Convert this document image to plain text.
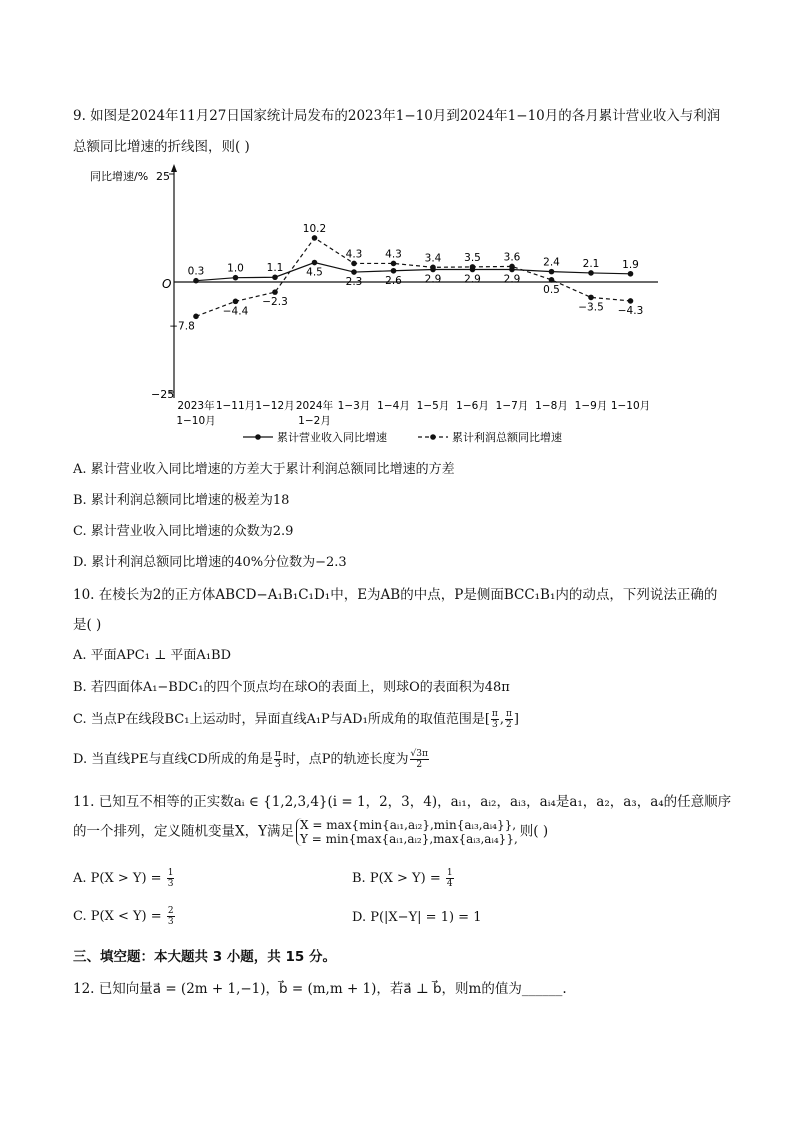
9. 如图是2024年11月27日国家统计局发布的2023年1−10月到2024年1−10月的各月累计营业收入与利润
总额同比增速的折线图，则( )
同比增速/% 25
−25
O
0.3 1.0 1.1 4.5
2.3 2.6 2.9 2.9 2.9
2.4 2.1 1.9
−7.8
−4.4
−2.3
10.2
4.3 4.3 3.4 3.5 3.6
0.5
−3.5 −4.3
2023年
1−10月
1−11月 1−12月 2024年
1−2月
1−3月 1−4月 1−5月 1−6月 1−7月 1−8月 1−9月 1−10月
累计营业收入同比增速	累计利润总额同比增速
A. 累计营业收入同比增速的方差大于累计利润总额同比增速的方差
B. 累计利润总额同比增速的极差为18
C. 累计营业收入同比增速的众数为2.9
D. 累计利润总额同比增速的40%分位数为−2.3
10. 在棱长为2的正方体ABCD−A₁B₁C₁D₁中，E为AB的中点，P是侧面BCC₁B₁内的动点，下列说法正确的
是( )
A. 平面APC₁ ⊥ 平面A₁BD
B. 若四面体A₁−BDC₁的四个顶点均在球O的表面上，则球O的表面积为48π
C. 当点P在线段BC₁上运动时，异面直线A₁P与AD₁所成角的取值范围是[ $\frac{\pi}{3}$ , $\frac{\pi}{2}$ ]
D. 当直线PE与直线CD所成的角是 $\frac{\pi}{3}$ 时，点P的轨迹长度为 $\frac{√3\pi}{2}$
11. 已知互不相等的正实数aᵢ ∈ {1,2,3,4}(i = 1，2，3，4)，aᵢ₁，aᵢ₂，aᵢ₃，aᵢ₄是a₁，a₂，a₃，a₄的任意顺序
的一个排列，定义随机变量X，Y满足 X = max{min{aᵢ₁,aᵢ₂},min{aᵢ₃,aᵢ₄}},
Y = min{max{aᵢ₁,aᵢ₂},max{aᵢ₃,aᵢ₄}}, 则( )
A. $P(X > Y) = \frac{1}{3}$	B. $P(X > Y) = \frac{1}{4}$
C. $P(X < Y) = \frac{2}{3}$	D. P(|X−Y| = 1) = 1
三、填空题：本大题共 3 小题，共 15 分。
12. 已知向量a⃗ = (2m + 1,−1)，b⃗ = (m,m + 1)，若a⃗ ⊥ b⃗，则m的值为______.
